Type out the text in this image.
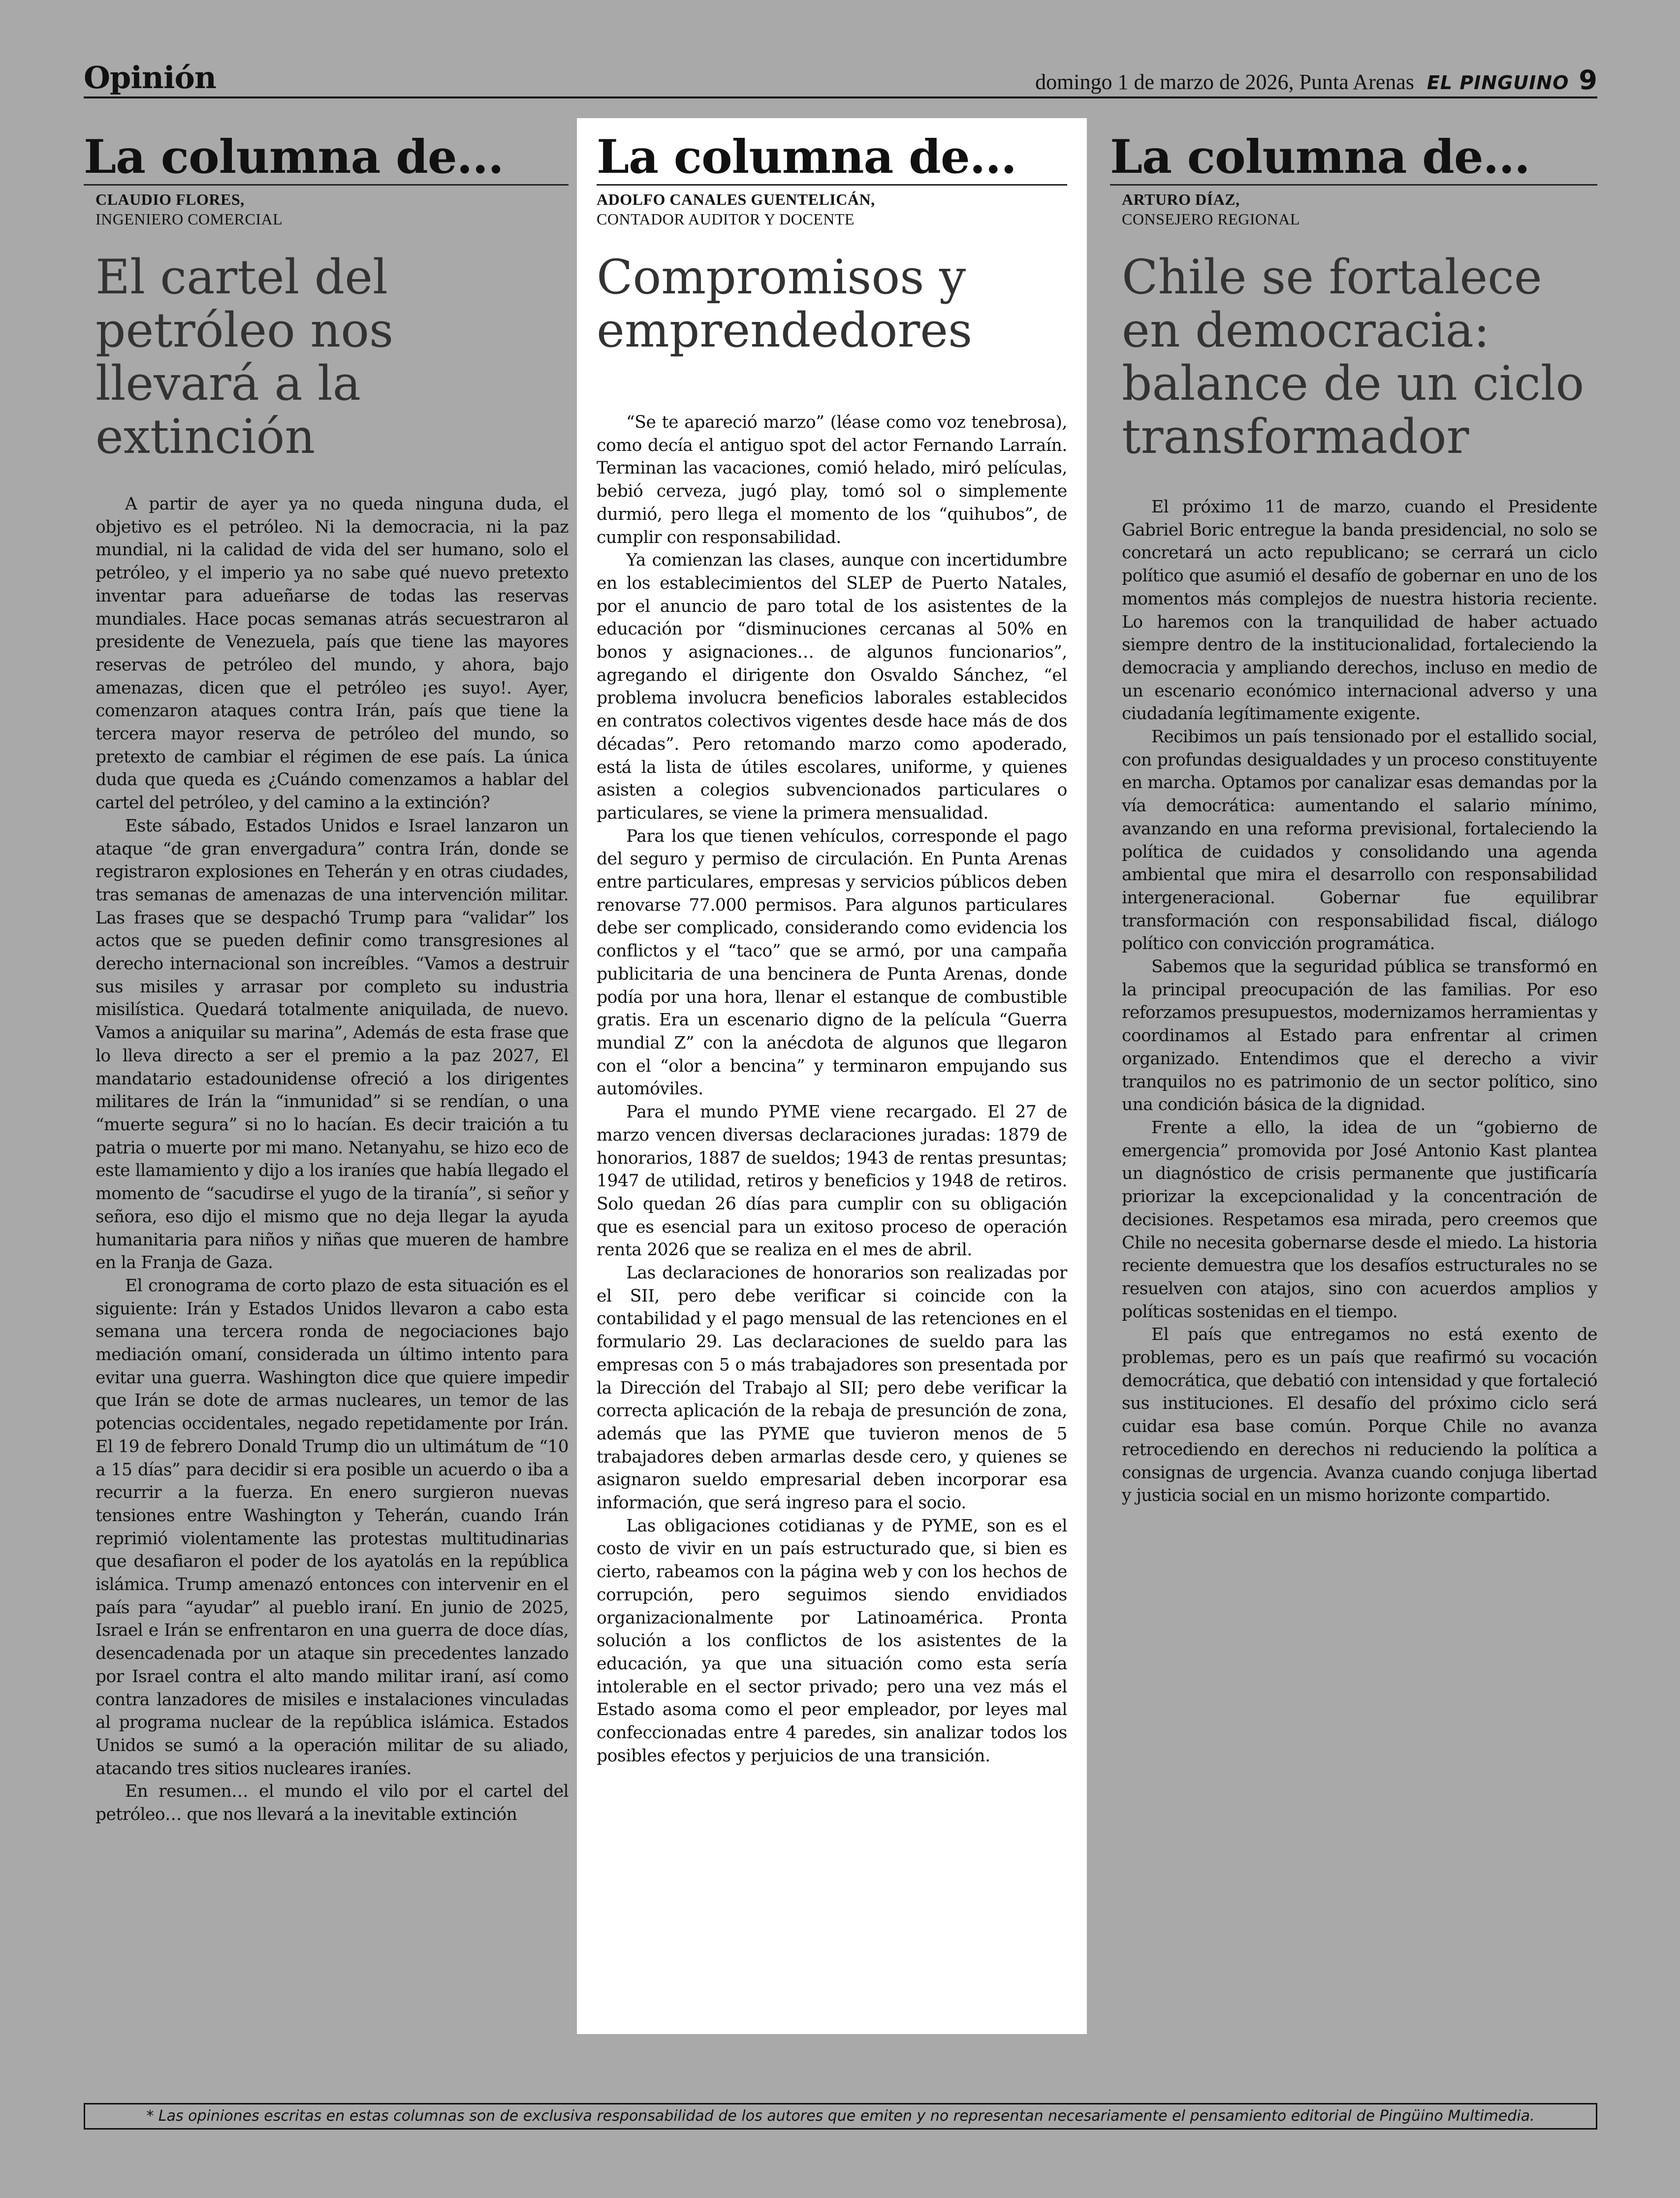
Opinión	domingo 1 de marzo de 2026, Punta Arenas EL PINGUINO 9
La columna de...
CLAUDIO FLORES,
INGENIERO COMERCIAL
El cartel del petróleo nos llevará a la extinción

A partir de ayer ya no queda ninguna duda, el objetivo es el petróleo. Ni la democracia, ni la paz mundial, ni la calidad de vida del ser humano, solo el petróleo, y el imperio ya no sabe qué nuevo pretexto inventar para adueñarse de todas las reservas mundiales. Hace pocas semanas atrás secuestraron al presidente de Venezuela, país que tiene las mayores reservas de petróleo del mundo, y ahora, bajo amenazas, dicen que el petróleo ¡es suyo!. Ayer, comenzaron ataques contra Irán, país que tiene la tercera mayor reserva de petróleo del mundo, so pretexto de cambiar el régimen de ese país. La única duda que queda es ¿Cuándo comenzamos a hablar del cartel del petróleo, y del camino a la extinción?

Este sábado, Estados Unidos e Israel lanzaron un ataque “de gran envergadura” contra Irán, donde se registraron explosiones en Teherán y en otras ciudades, tras semanas de amenazas de una intervención militar. Las frases que se despachó Trump para “validar” los actos que se pueden definir como transgresiones al derecho internacional son increíbles. “Vamos a destruir sus misiles y arrasar por completo su industria misilística. Quedará totalmente aniquilada, de nuevo. Vamos a aniquilar su marina”, Además de esta frase que lo lleva directo a ser el premio a la paz 2027, El mandatario estadounidense ofreció a los dirigentes militares de Irán la “inmunidad” si se rendían, o una “muerte segura” si no lo hacían. Es decir traición a tu patria o muerte por mi mano. Netanyahu, se hizo eco de este llamamiento y dijo a los iraníes que había llegado el momento de “sacudirse el yugo de la tiranía”, si señor y señora, eso dijo el mismo que no deja llegar la ayuda humanitaria para niños y niñas que mueren de hambre en la Franja de Gaza.

El cronograma de corto plazo de esta situación es el siguiente: Irán y Estados Unidos llevaron a cabo esta semana una tercera ronda de negociaciones bajo mediación omaní, considerada un último intento para evitar una guerra. Washington dice que quiere impedir que Irán se dote de armas nucleares, un temor de las potencias occidentales, negado repetidamente por Irán. El 19 de febrero Donald Trump dio un ultimátum de “10 a 15 días” para decidir si era posible un acuerdo o iba a recurrir a la fuerza. En enero surgieron nuevas tensiones entre Washington y Teherán, cuando Irán reprimió violentamente las protestas multitudinarias que desafiaron el poder de los ayatolás en la república islámica. Trump amenazó entonces con intervenir en el país para “ayudar” al pueblo iraní. En junio de 2025, Israel e Irán se enfrentaron en una guerra de doce días, desencadenada por un ataque sin precedentes lanzado por Israel contra el alto mando militar iraní, así como contra lanzadores de misiles e instalaciones vinculadas al programa nuclear de la república islámica. Estados Unidos se sumó a la operación militar de su aliado, atacando tres sitios nucleares iraníes.

En resumen… el mundo el vilo por el cartel del petróleo… que nos llevará a la inevitable extinción

La columna de...
ADOLFO CANALES GUENTELICÁN,
CONTADOR AUDITOR Y DOCENTE
Compromisos y emprendedores

“Se te apareció marzo” (léase como voz tenebrosa), como decía el antiguo spot del actor Fernando Larraín. Terminan las vacaciones, comió helado, miró películas, bebió cerveza, jugó play, tomó sol o simplemente durmió, pero llega el momento de los “quihubos”, de cumplir con responsabilidad.

Ya comienzan las clases, aunque con incertidumbre en los establecimientos del SLEP de Puerto Natales, por el anuncio de paro total de los asistentes de la educación por “disminuciones cercanas al 50% en bonos y asignaciones… de algunos funcionarios”, agregando el dirigente don Osvaldo Sánchez, “el problema involucra beneficios laborales establecidos en contratos colectivos vigentes desde hace más de dos décadas”. Pero retomando marzo como apoderado, está la lista de útiles escolares, uniforme, y quienes asisten a colegios subvencionados particulares o particulares, se viene la primera mensualidad.

Para los que tienen vehículos, corresponde el pago del seguro y permiso de circulación. En Punta Arenas entre particulares, empresas y servicios públicos deben renovarse 77.000 permisos. Para algunos particulares debe ser complicado, considerando como evidencia los conflictos y el “taco” que se armó, por una campaña publicitaria de una bencinera de Punta Arenas, donde podía por una hora, llenar el estanque de combustible gratis. Era un escenario digno de la película “Guerra mundial Z” con la anécdota de algunos que llegaron con el “olor a bencina” y terminaron empujando sus automóviles.

Para el mundo PYME viene recargado. El 27 de marzo vencen diversas declaraciones juradas: 1879 de honorarios, 1887 de sueldos; 1943 de rentas presuntas; 1947 de utilidad, retiros y beneficios y 1948 de retiros. Solo quedan 26 días para cumplir con su obligación que es esencial para un exitoso proceso de operación renta 2026 que se realiza en el mes de abril.

Las declaraciones de honorarios son realizadas por el SII, pero debe verificar si coincide con la contabilidad y el pago mensual de las retenciones en el formulario 29. Las declaraciones de sueldo para las empresas con 5 o más trabajadores son presentada por la Dirección del Trabajo al SII; pero debe verificar la correcta aplicación de la rebaja de presunción de zona, además que las PYME que tuvieron menos de 5 trabajadores deben armarlas desde cero, y quienes se asignaron sueldo empresarial deben incorporar esa información, que será ingreso para el socio.

Las obligaciones cotidianas y de PYME, son es el costo de vivir en un país estructurado que, si bien es cierto, rabeamos con la página web y con los hechos de corrupción, pero seguimos siendo envidiados organizacionalmente por Latinoamérica. Pronta solución a los conflictos de los asistentes de la educación, ya que una situación como esta sería intolerable en el sector privado; pero una vez más el Estado asoma como el peor empleador, por leyes mal confeccionadas entre 4 paredes, sin analizar todos los posibles efectos y perjuicios de una transición.

La columna de...
ARTURO DÍAZ,
CONSEJERO REGIONAL
Chile se fortalece en democracia: balance de un ciclo transformador

El próximo 11 de marzo, cuando el Presidente Gabriel Boric entregue la banda presidencial, no solo se concretará un acto republicano; se cerrará un ciclo político que asumió el desafío de gobernar en uno de los momentos más complejos de nuestra historia reciente. Lo haremos con la tranquilidad de haber actuado siempre dentro de la institucionalidad, fortaleciendo la democracia y ampliando derechos, incluso en medio de un escenario económico internacional adverso y una ciudadanía legítimamente exigente.

Recibimos un país tensionado por el estallido social, con profundas desigualdades y un proceso constituyente en marcha. Optamos por canalizar esas demandas por la vía democrática: aumentando el salario mínimo, avanzando en una reforma previsional, fortaleciendo la política de cuidados y consolidando una agenda ambiental que mira el desarrollo con responsabilidad intergeneracional. Gobernar fue equilibrar transformación con responsabilidad fiscal, diálogo político con convicción programática.

Sabemos que la seguridad pública se transformó en la principal preocupación de las familias. Por eso reforzamos presupuestos, modernizamos herramientas y coordinamos al Estado para enfrentar al crimen organizado. Entendimos que el derecho a vivir tranquilos no es patrimonio de un sector político, sino una condición básica de la dignidad.

Frente a ello, la idea de un “gobierno de emergencia” promovida por José Antonio Kast plantea un diagnóstico de crisis permanente que justificaría priorizar la excepcionalidad y la concentración de decisiones. Respetamos esa mirada, pero creemos que Chile no necesita gobernarse desde el miedo. La historia reciente demuestra que los desafíos estructurales no se resuelven con atajos, sino con acuerdos amplios y políticas sostenidas en el tiempo.

El país que entregamos no está exento de problemas, pero es un país que reafirmó su vocación democrática, que debatió con intensidad y que fortaleció sus instituciones. El desafío del próximo ciclo será cuidar esa base común. Porque Chile no avanza retrocediendo en derechos ni reduciendo la política a consignas de urgencia. Avanza cuando conjuga libertad y justicia social en un mismo horizonte compartido.

* Las opiniones escritas en estas columnas son de exclusiva responsabilidad de los autores que emiten y no representan necesariamente el pensamiento editorial de Pingüino Multimedia.
